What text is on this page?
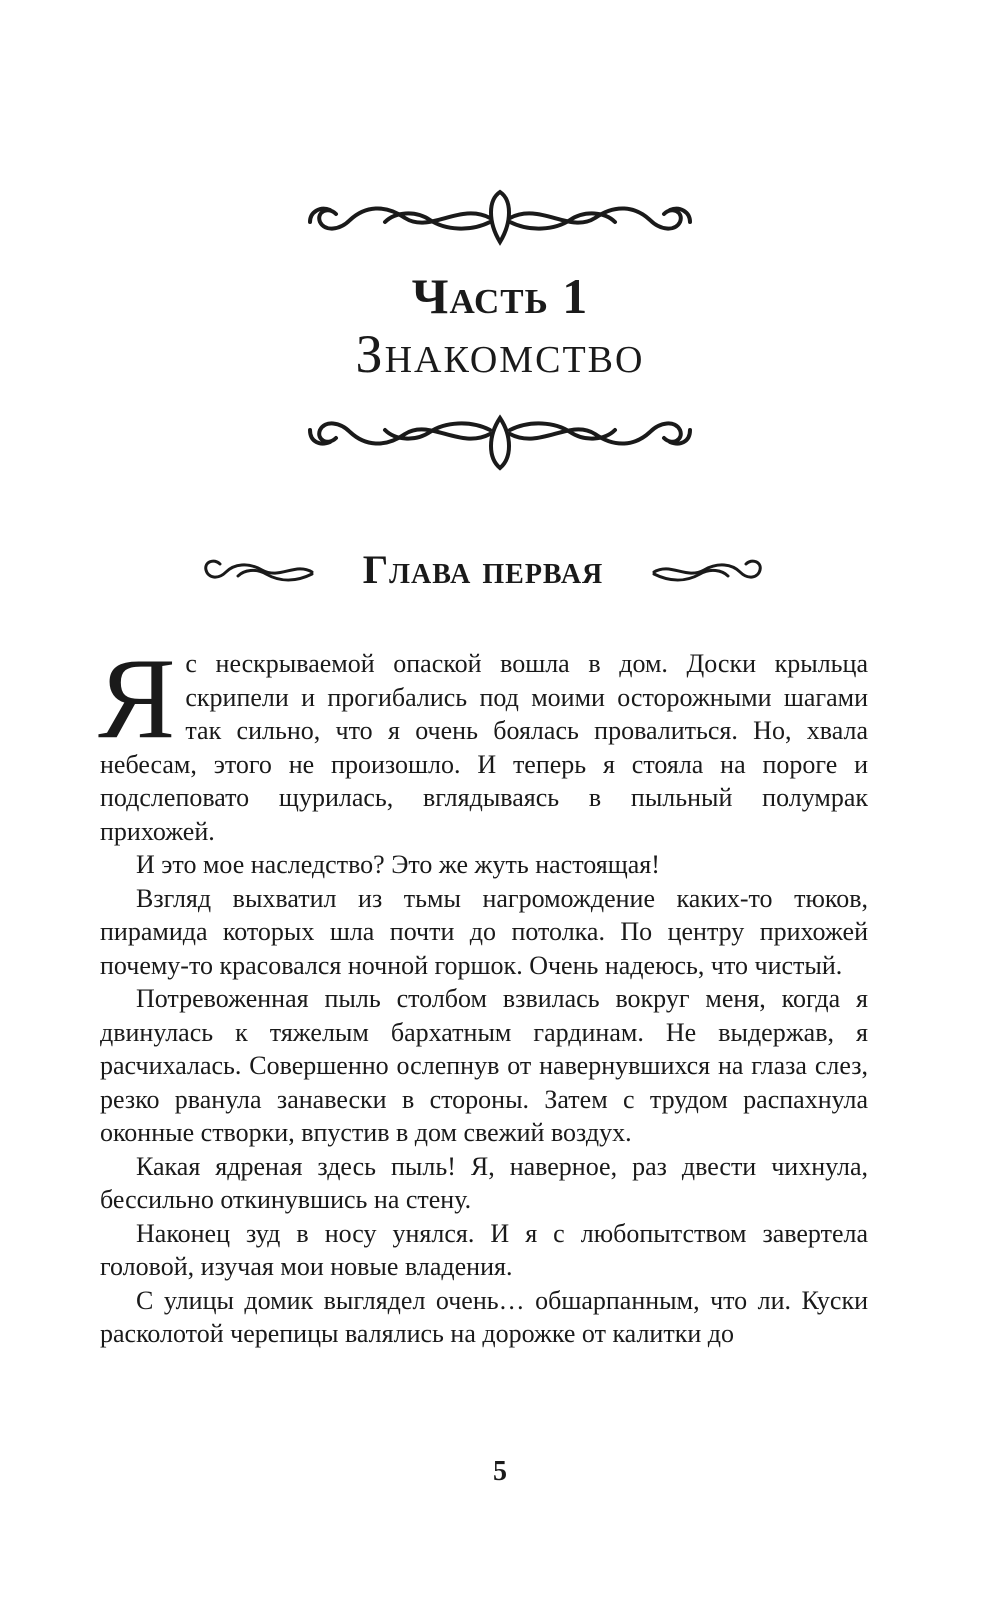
Часть 1
Знакомство
Глава первая

Я с нескрываемой опаской вошла в дом. Доски крыльца скрипели и прогибались под моими осторожными шагами так сильно, что я очень боялась провалиться. Но, хвала небесам, этого не произошло. И теперь я стояла на пороге и подслеповато щурилась, вглядываясь в пыльный полумрак прихожей.

И это мое наследство? Это же жуть настоящая!

Взгляд выхватил из тьмы нагромождение каких-то тюков, пирамида которых шла почти до потолка. По центру прихожей почему-то красовался ночной горшок. Очень надеюсь, что чистый.

Потревоженная пыль столбом взвилась вокруг меня, когда я двинулась к тяжелым бархатным гардинам. Не выдержав, я расчихалась. Совершенно ослепнув от навернувшихся на глаза слез, резко рванула занавески в стороны. Затем с трудом распахнула оконные створки, впустив в дом свежий воздух.

Какая ядреная здесь пыль! Я, наверное, раз двести чихнула, бессильно откинувшись на стену.

Наконец зуд в носу унялся. И я с любопытством завертела головой, изучая мои новые владения.

С улицы домик выглядел очень… обшарпанным, что ли. Куски расколотой черепицы валялись на дорожке от калитки до

5
